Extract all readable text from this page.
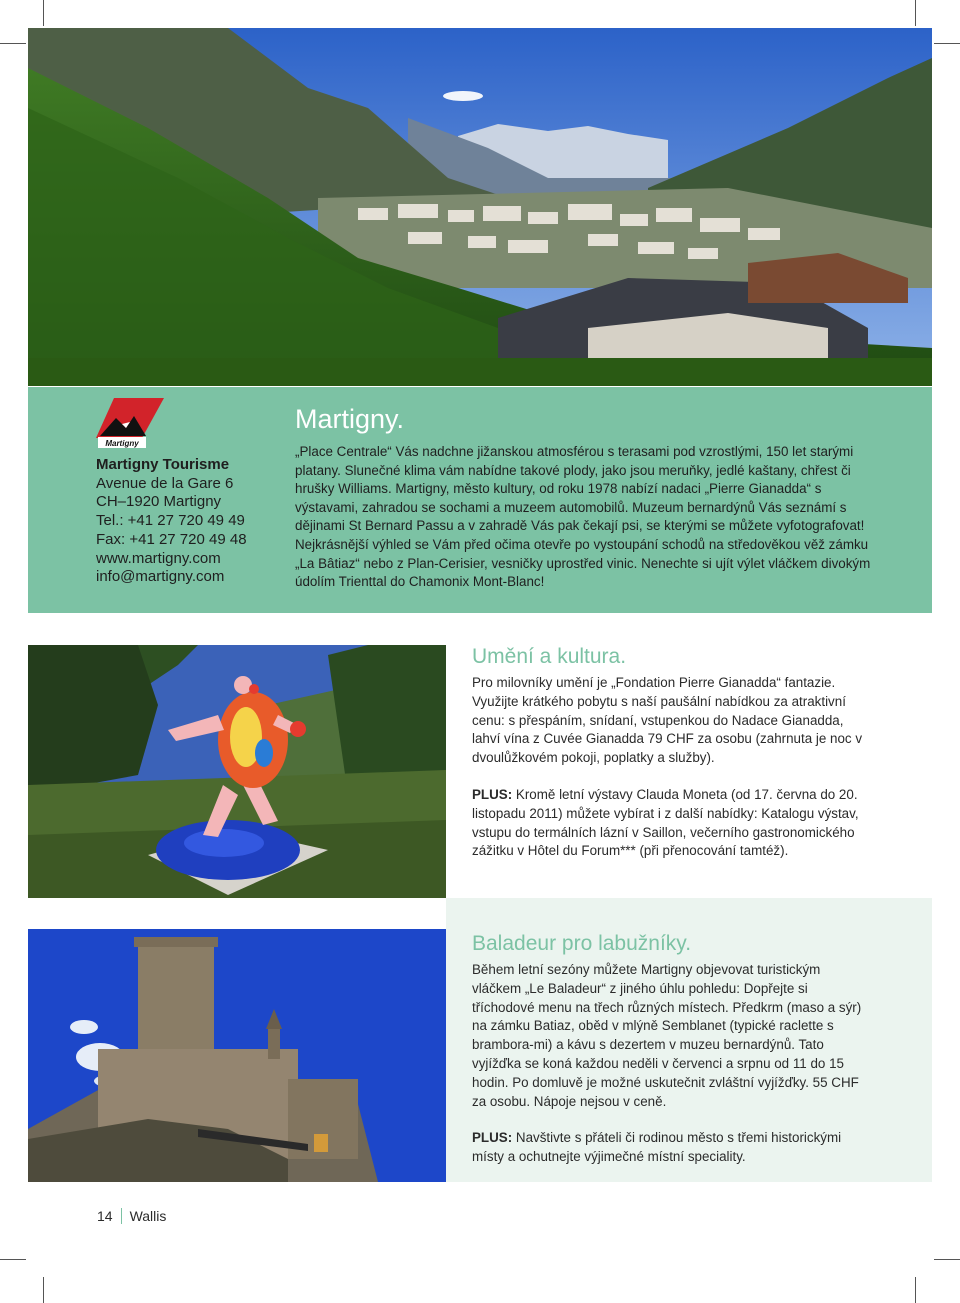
Martigny
Martigny Tourisme
Avenue de la Gare 6
CH–1920 Martigny
Tel.: +41 27 720 49 49
Fax: +41 27 720 49 48
www.martigny.com
info@martigny.com
Martigny.
„Place Centrale“ Vás nadchne jižanskou atmosférou s terasami pod vzrostlými, 150 let starými platany. Slunečné klima vám nabídne takové plody, jako jsou meruňky, jedlé kaštany, chřest či hrušky Williams. Martigny, město kultury, od roku 1978 nabízí nadaci „Pierre Gianadda“ s výstavami, zahradou se sochami a muzeem automobilů. Muzeum bernardýnů Vás seznámí s dějinami St Bernard Passu a v zahradě Vás pak čekají psi, se kterými se můžete vyfotografovat! Nejkrásnější výhled se Vám před očima otevře po vystoupání schodů na středověkou věž zámku „La Bâtiaz“ nebo z Plan-Cerisier, vesničky uprostřed vinic. Nenechte si ujít výlet vláčkem divokým údolím Trienttal do Chamonix Mont-Blanc!
Umění a kultura.

Pro milovníky umění je „Fondation Pierre Gianadda“ fantazie. Využijte krátkého pobytu s naší paušální nabídkou za atraktivní cenu: s přespáním, snídaní, vstupenkou do Nadace Gianadda, lahví vína z Cuvée Gianadda 79 CHF za osobu (zahrnuta je noc v dvoulůžkovém pokoji, poplatky a služby).

PLUS: Kromě letní výstavy Clauda Moneta (od 17. června do 20. listopadu 2011) můžete vybírat i z další nabídky: Katalogu výstav, vstupu do termálních lázní v Saillon, večerního gastronomického zážitku v Hôtel du Forum*** (při přenocování tamtéž).

Baladeur pro labužníky.

Během letní sezóny můžete Martigny objevovat turistickým vláčkem „Le Baladeur“ z jiného úhlu pohledu: Dopřejte si tříchodové menu na třech různých místech. Předkrm (maso a sýr) na zámku Batiaz, oběd v mlýně Semblanet (typické raclette s brambora-mi) a kávu s dezertem v muzeu bernardýnů. Tato vyjížďka se koná každou neděli v červenci a srpnu od 11 do 15 hodin. Po domluvě je možné uskutečnit zvláštní vyjížďky. 55 CHF za osobu. Nápoje nejsou v ceně.

PLUS: Navštivte s přáteli či rodinou město s třemi historickými místy a ochutnejte výjimečné místní speciality.

14 Wallis
